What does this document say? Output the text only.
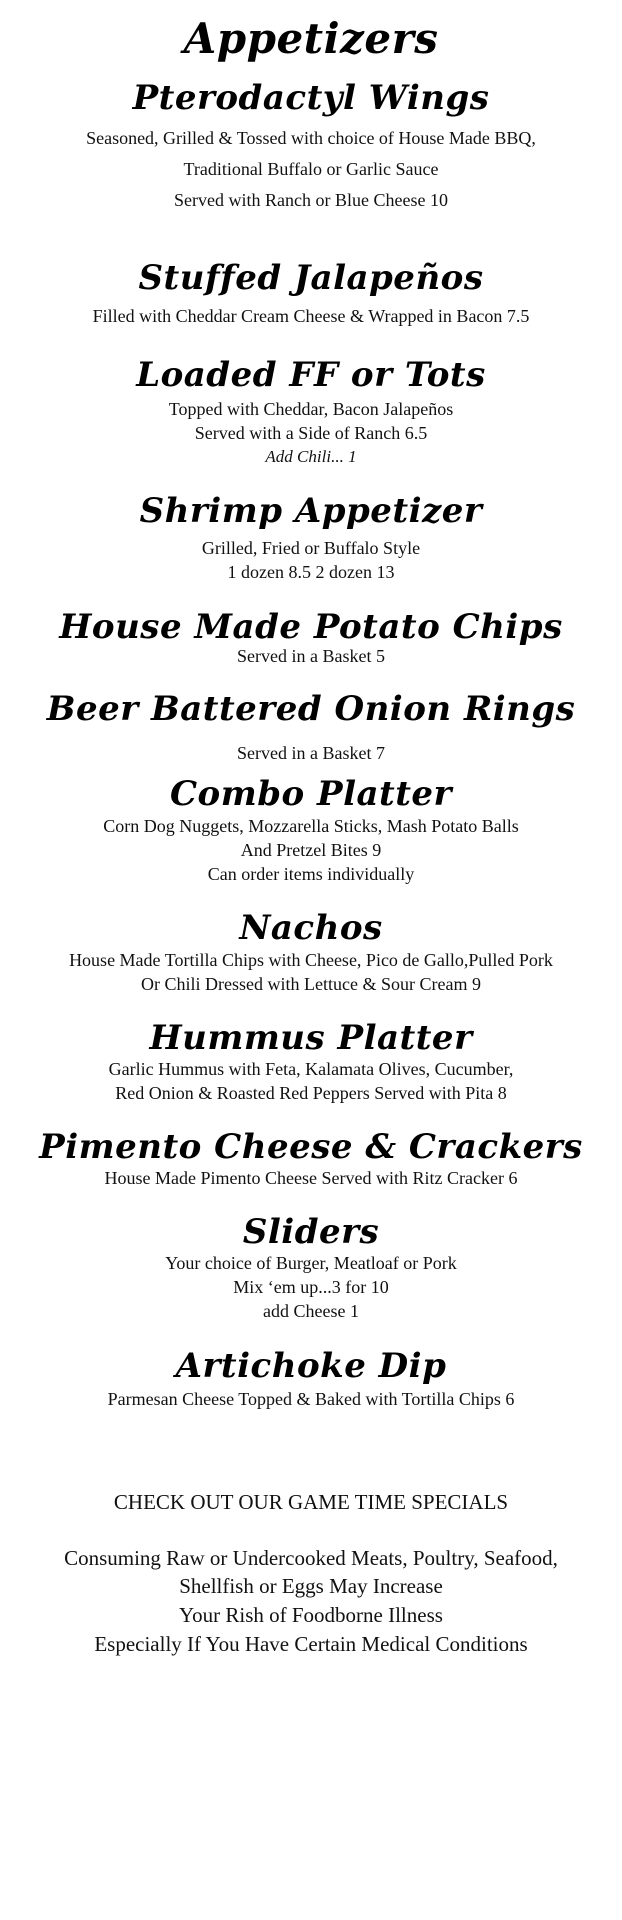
Appetizers
Pterodactyl Wings
Seasoned, Grilled & Tossed with choice of House Made BBQ,
Traditional Buffalo or Garlic Sauce
Served with Ranch or Blue Cheese 10
Stuffed Jalapeños
Filled with Cheddar Cream Cheese & Wrapped in Bacon 7.5
Loaded FF or Tots
Topped with Cheddar, Bacon Jalapeños
Served with a Side of Ranch 6.5
Add Chili... 1
Shrimp Appetizer
Grilled, Fried or Buffalo Style
1 dozen 8.5 2 dozen 13
House Made Potato Chips
Served in a Basket 5
Beer Battered Onion Rings
Served in a Basket 7
Combo Platter
Corn Dog Nuggets, Mozzarella Sticks, Mash Potato Balls
And Pretzel Bites 9
Can order items individually
Nachos
House Made Tortilla Chips with Cheese, Pico de Gallo,Pulled Pork
Or Chili Dressed with Lettuce & Sour Cream 9
Hummus Platter
Garlic Hummus with Feta, Kalamata Olives, Cucumber,
Red Onion & Roasted Red Peppers Served with Pita 8
Pimento Cheese & Crackers
House Made Pimento Cheese Served with Ritz Cracker 6
Sliders
Your choice of Burger, Meatloaf or Pork
Mix ‘em up...3 for 10
add Cheese 1
Artichoke Dip
Parmesan Cheese Topped & Baked with Tortilla Chips 6
CHECK OUT OUR GAME TIME SPECIALS
Consuming Raw or Undercooked Meats, Poultry, Seafood,
Shellfish or Eggs May Increase
Your Rish of Foodborne Illness
Especially If You Have Certain Medical Conditions
